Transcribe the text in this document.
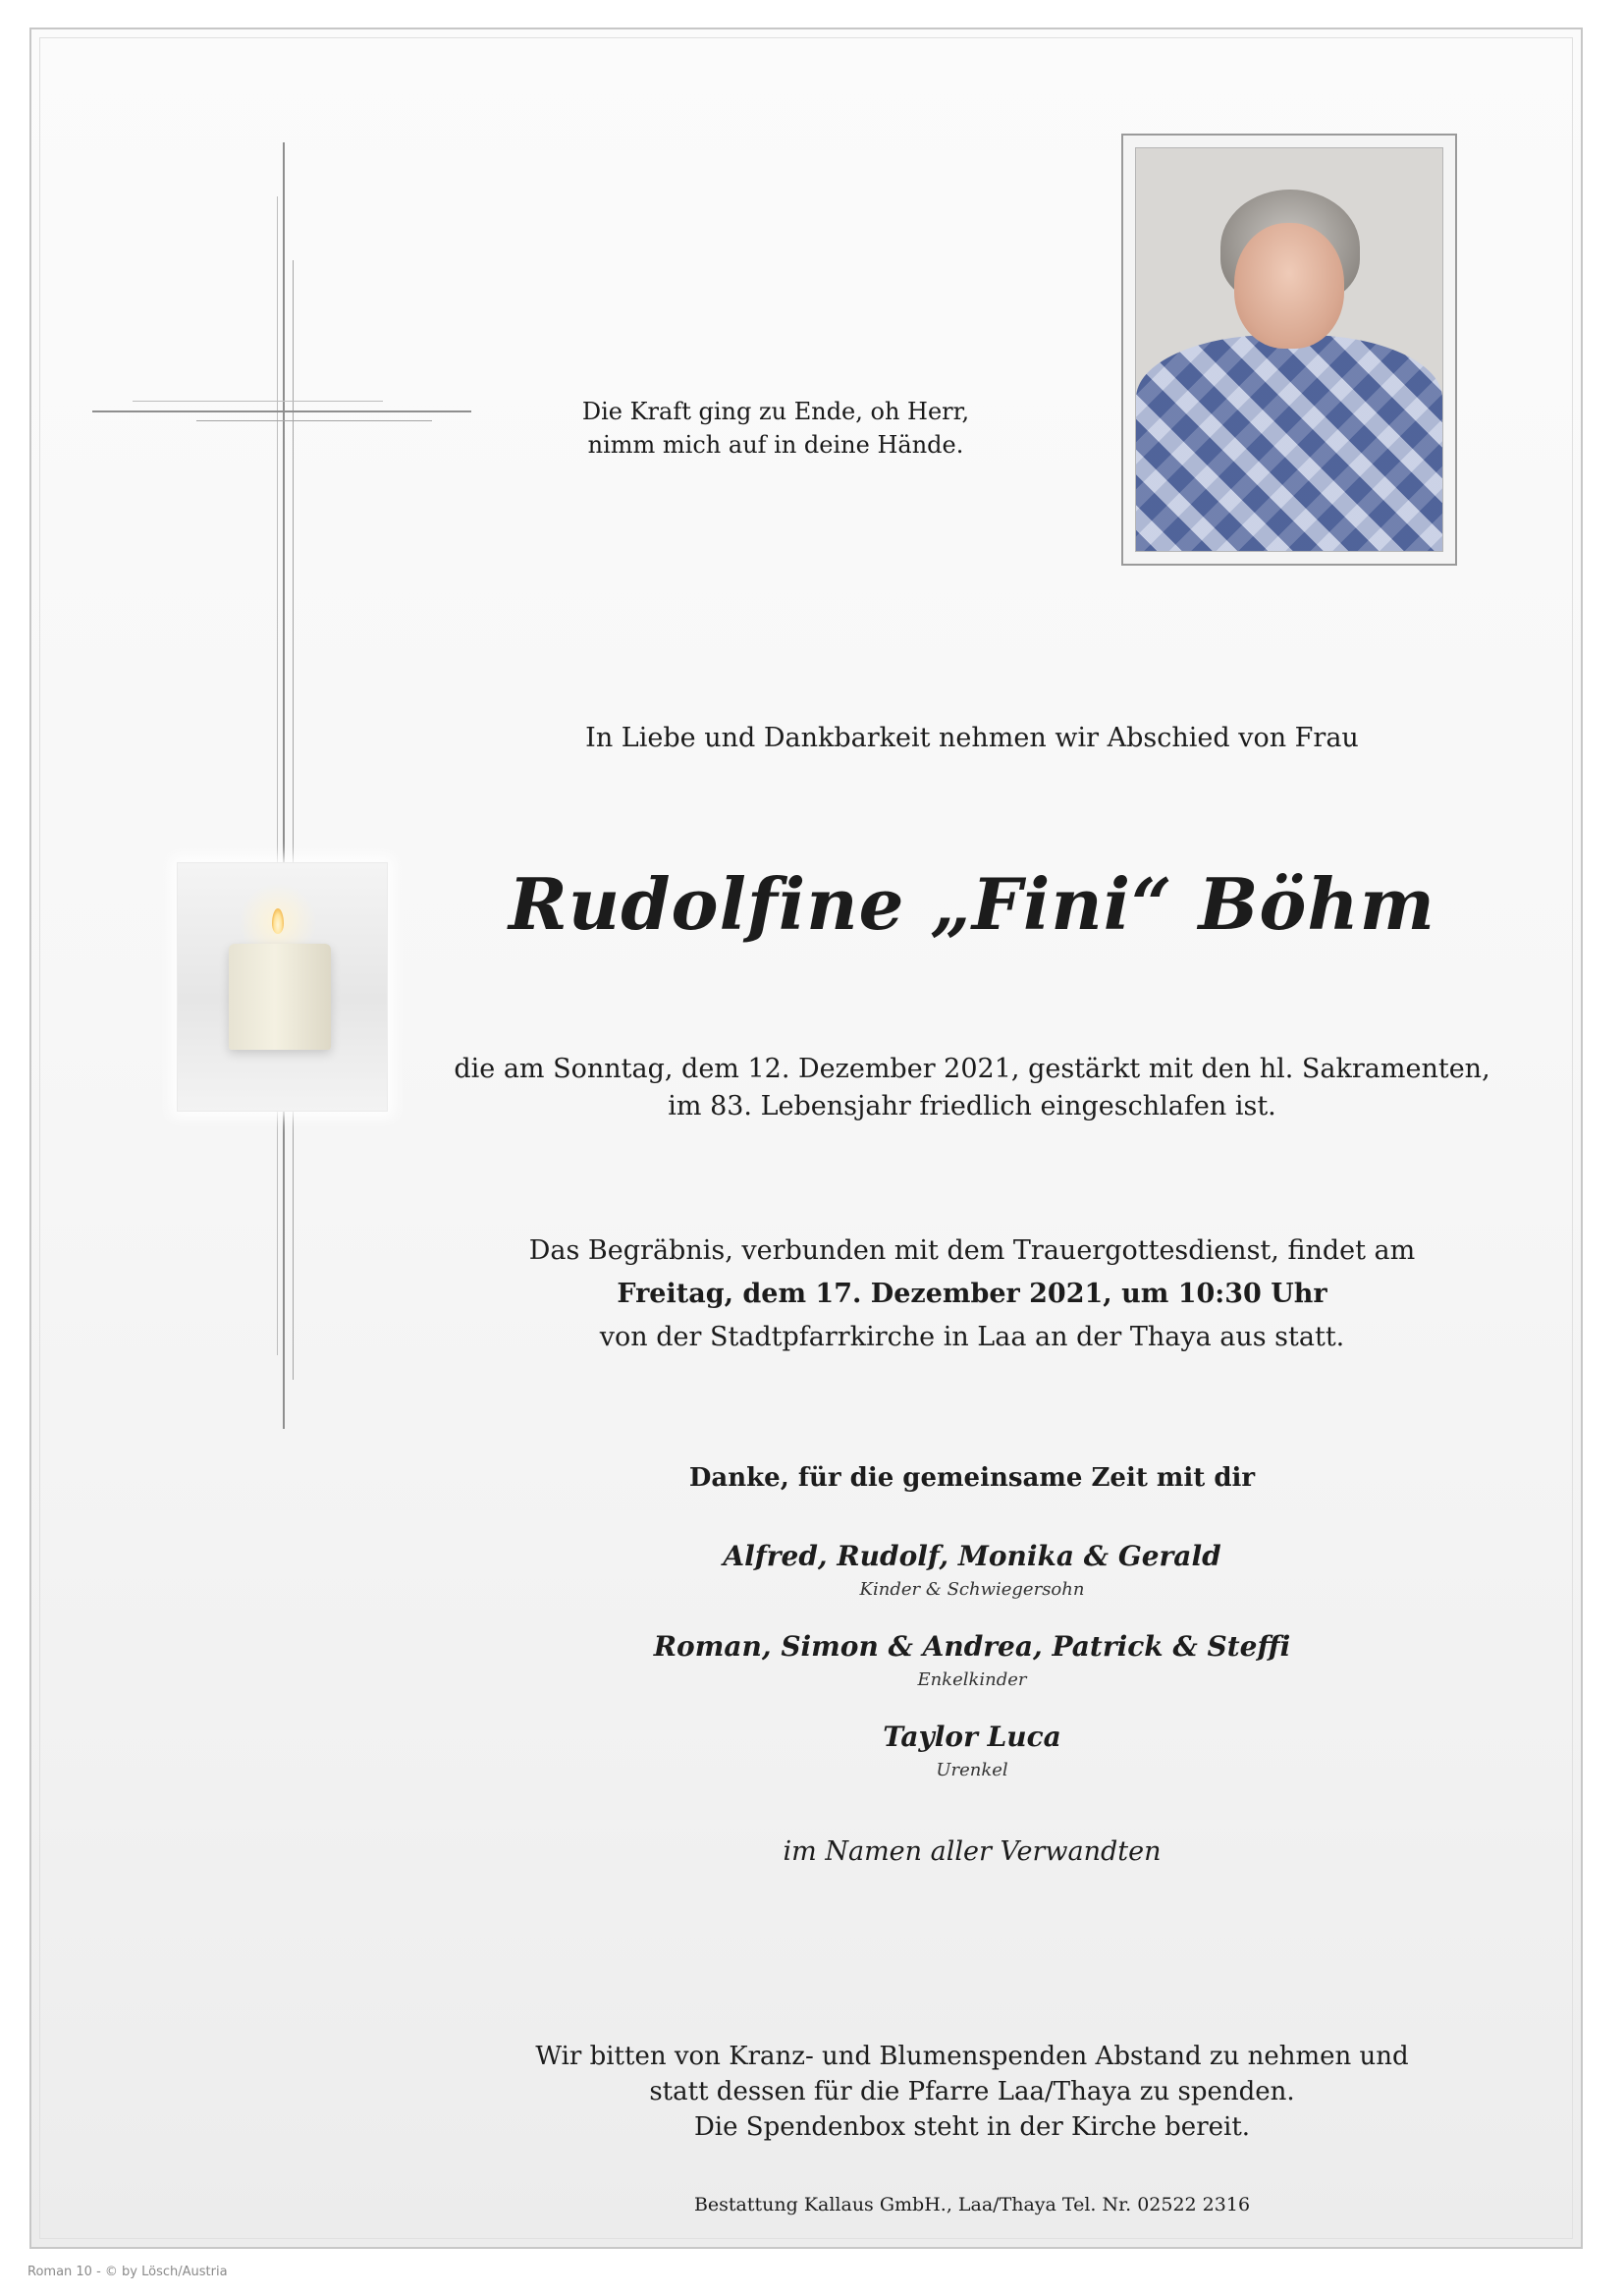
Die Kraft ging zu Ende, oh Herr,
nimm mich auf in deine Hände.
In Liebe und Dankbarkeit nehmen wir Abschied von Frau
Rudolfine „Fini“ Böhm
die am Sonntag, dem 12. Dezember 2021, gestärkt mit den hl. Sakramenten,
im 83. Lebensjahr friedlich eingeschlafen ist.
Das Begräbnis, verbunden mit dem Trauergottesdienst, findet am
Freitag, dem 17. Dezember 2021, um 10:30 Uhr
von der Stadtpfarrkirche in Laa an der Thaya aus statt.
Danke, für die gemeinsame Zeit mit dir
Alfred, Rudolf, Monika & Gerald
Kinder & Schwiegersohn
Roman, Simon & Andrea, Patrick & Steffi
Enkelkinder
Taylor Luca
Urenkel
im Namen aller Verwandten
Wir bitten von Kranz- und Blumenspenden Abstand zu nehmen und
statt dessen für die Pfarre Laa/Thaya zu spenden.
Die Spendenbox steht in der Kirche bereit.
Bestattung Kallaus GmbH., Laa/Thaya Tel. Nr. 02522 2316
Roman 10 - © by Lösch/Austria
